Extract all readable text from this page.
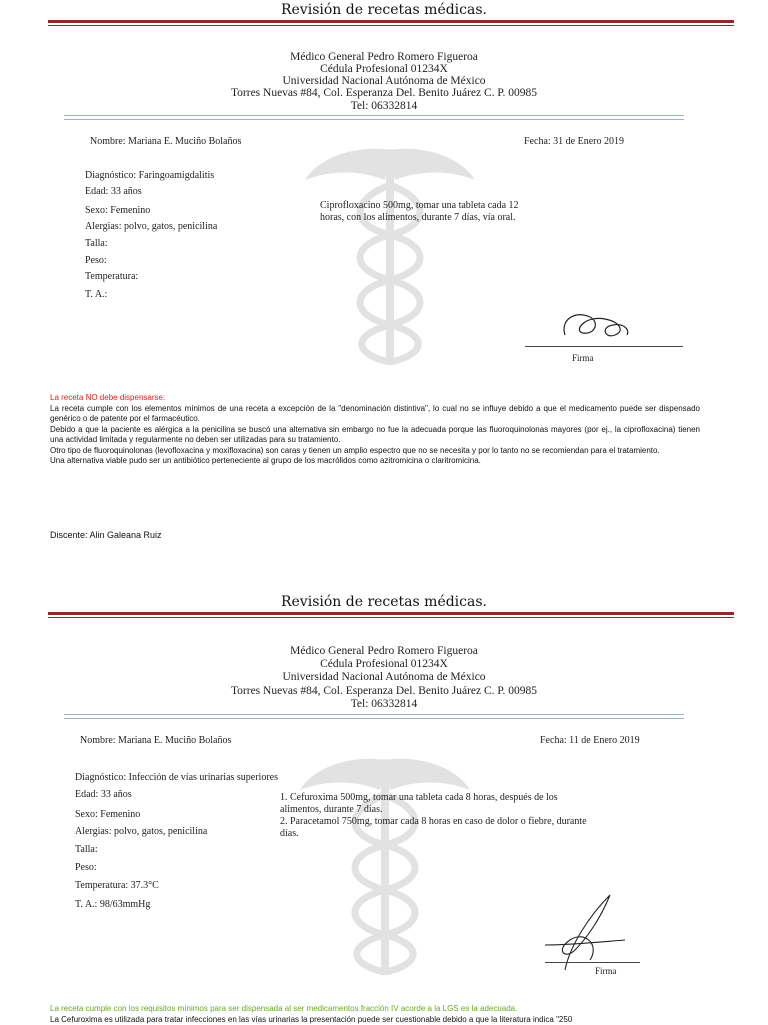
Revisión de recetas médicas.
Médico General Pedro Romero Figueroa
Cédula Profesional 01234X
Universidad Nacional Autónoma de México
Torres Nuevas #84, Col. Esperanza Del. Benito Juárez C. P. 00985
Tel: 06332814
Nombre: Mariana E. Muciño Bolaños	Fecha: 31 de Enero 2019
Diagnóstico: Faringoamigdalitis
Edad: 33 años
Sexo: Femenino
Alergias: polvo, gatos, penicilina
Talla:
Peso:
Temperatura:
T. A.:
Ciprofloxacino 500mg, tomar una tableta cada 12
horas, con los alimentos, durante 7 días, vía oral.
Firma
La receta NO debe dispensarse:
La receta cumple con los elementos mínimos de una receta a excepción de la "denominación distintiva", lo cual no se influye debido a que el medicamento puede ser dispensado genérico o de patente por el farmacéutico.
Debido a que la paciente es alérgica a la penicilina se buscó una alternativa sin embargo no fue la adecuada porque las fluoroquinolonas mayores (por ej., la ciprofloxacina) tienen una actividad limitada y regularmente no deben ser utilizadas para su tratamiento.
Otro tipo de fluoroquinolonas (levofloxacina y moxifloxacina) son caras y tienen un amplio espectro que no se necesita y por lo tanto no se recomiendan para el tratamiento.
Una alternativa viable pudo ser un antibiótico perteneciente al grupo de los macrólidos como azitromicina o claritromicina.
Discente: Alin Galeana Ruiz
Revisión de recetas médicas.
Médico General Pedro Romero Figueroa
Cédula Profesional 01234X
Universidad Nacional Autónoma de México
Torres Nuevas #84, Col. Esperanza Del. Benito Juárez C. P. 00985
Tel: 06332814
Nombre: Mariana E. Muciño Bolaños	Fecha: 11 de Enero 2019
Diagnóstico: Infección de vías urinarias superiores
Edad: 33 años
Sexo: Femenino
Alergias: polvo, gatos, penicilina
Talla:
Peso:
Temperatura: 37.3°C
T. A.: 98/63mmHg
1. Cefuroxima 500mg, tomar una tableta cada 8 horas, después de los
alimentos, durante 7 días.
2. Paracetamol 750mg, tomar cada 8 horas en caso de dolor o fiebre, durante
días.
Firma
La receta cumple con los requisitos mínimos para ser dispensada al ser medicamentos fracción IV acorde a la LGS es la adecuada.
La Cefuroxima es utilizada para tratar infecciones en las vías urinarias la presentación puede ser cuestionable debido a que la literatura indica "250
